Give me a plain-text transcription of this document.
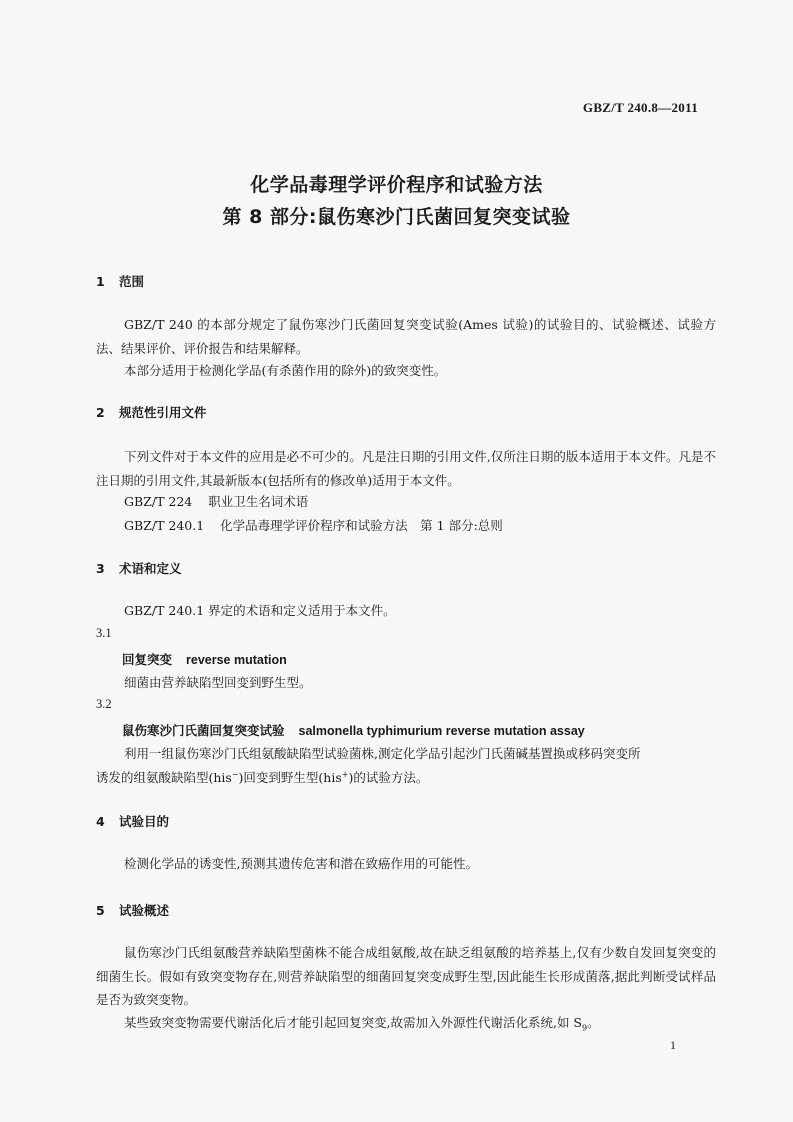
GBZ/T 240.8—2011
化学品毒理学评价程序和试验方法
第 8 部分:鼠伤寒沙门氏菌回复突变试验
1 范围
GBZ/T 240 的本部分规定了鼠伤寒沙门氏菌回复突变试验(Ames 试验)的试验目的、试验概述、试验方法、结果评价、评价报告和结果解释。
本部分适用于检测化学品(有杀菌作用的除外)的致突变性。
2 规范性引用文件
下列文件对于本文件的应用是必不可少的。凡是注日期的引用文件,仅所注日期的版本适用于本文件。凡是不注日期的引用文件,其最新版本(包括所有的修改单)适用于本文件。
GBZ/T 224 职业卫生名词术语
GBZ/T 240.1 化学品毒理学评价程序和试验方法　第 1 部分:总则
3 术语和定义
GBZ/T 240.1 界定的术语和定义适用于本文件。
3.1
回复突变 reverse mutation
细菌由营养缺陷型回变到野生型。
3.2
鼠伤寒沙门氏菌回复突变试验 salmonella typhimurium reverse mutation assay
利用一组鼠伤寒沙门氏组氨酸缺陷型试验菌株,测定化学品引起沙门氏菌碱基置换或移码突变所
诱发的组氨酸缺陷型(his−)回变到野生型(his+)的试验方法。
4 试验目的
检测化学品的诱变性,预测其遗传危害和潜在致癌作用的可能性。
5 试验概述
鼠伤寒沙门氏组氨酸营养缺陷型菌株不能合成组氨酸,故在缺乏组氨酸的培养基上,仅有少数自发回复突变的细菌生长。假如有致突变物存在,则营养缺陷型的细菌回复突变成野生型,因此能生长形成菌落,据此判断受试样品是否为致突变物。
某些致突变物需要代谢活化后才能引起回复突变,故需加入外源性代谢活化系统,如 $S_9$。
1
